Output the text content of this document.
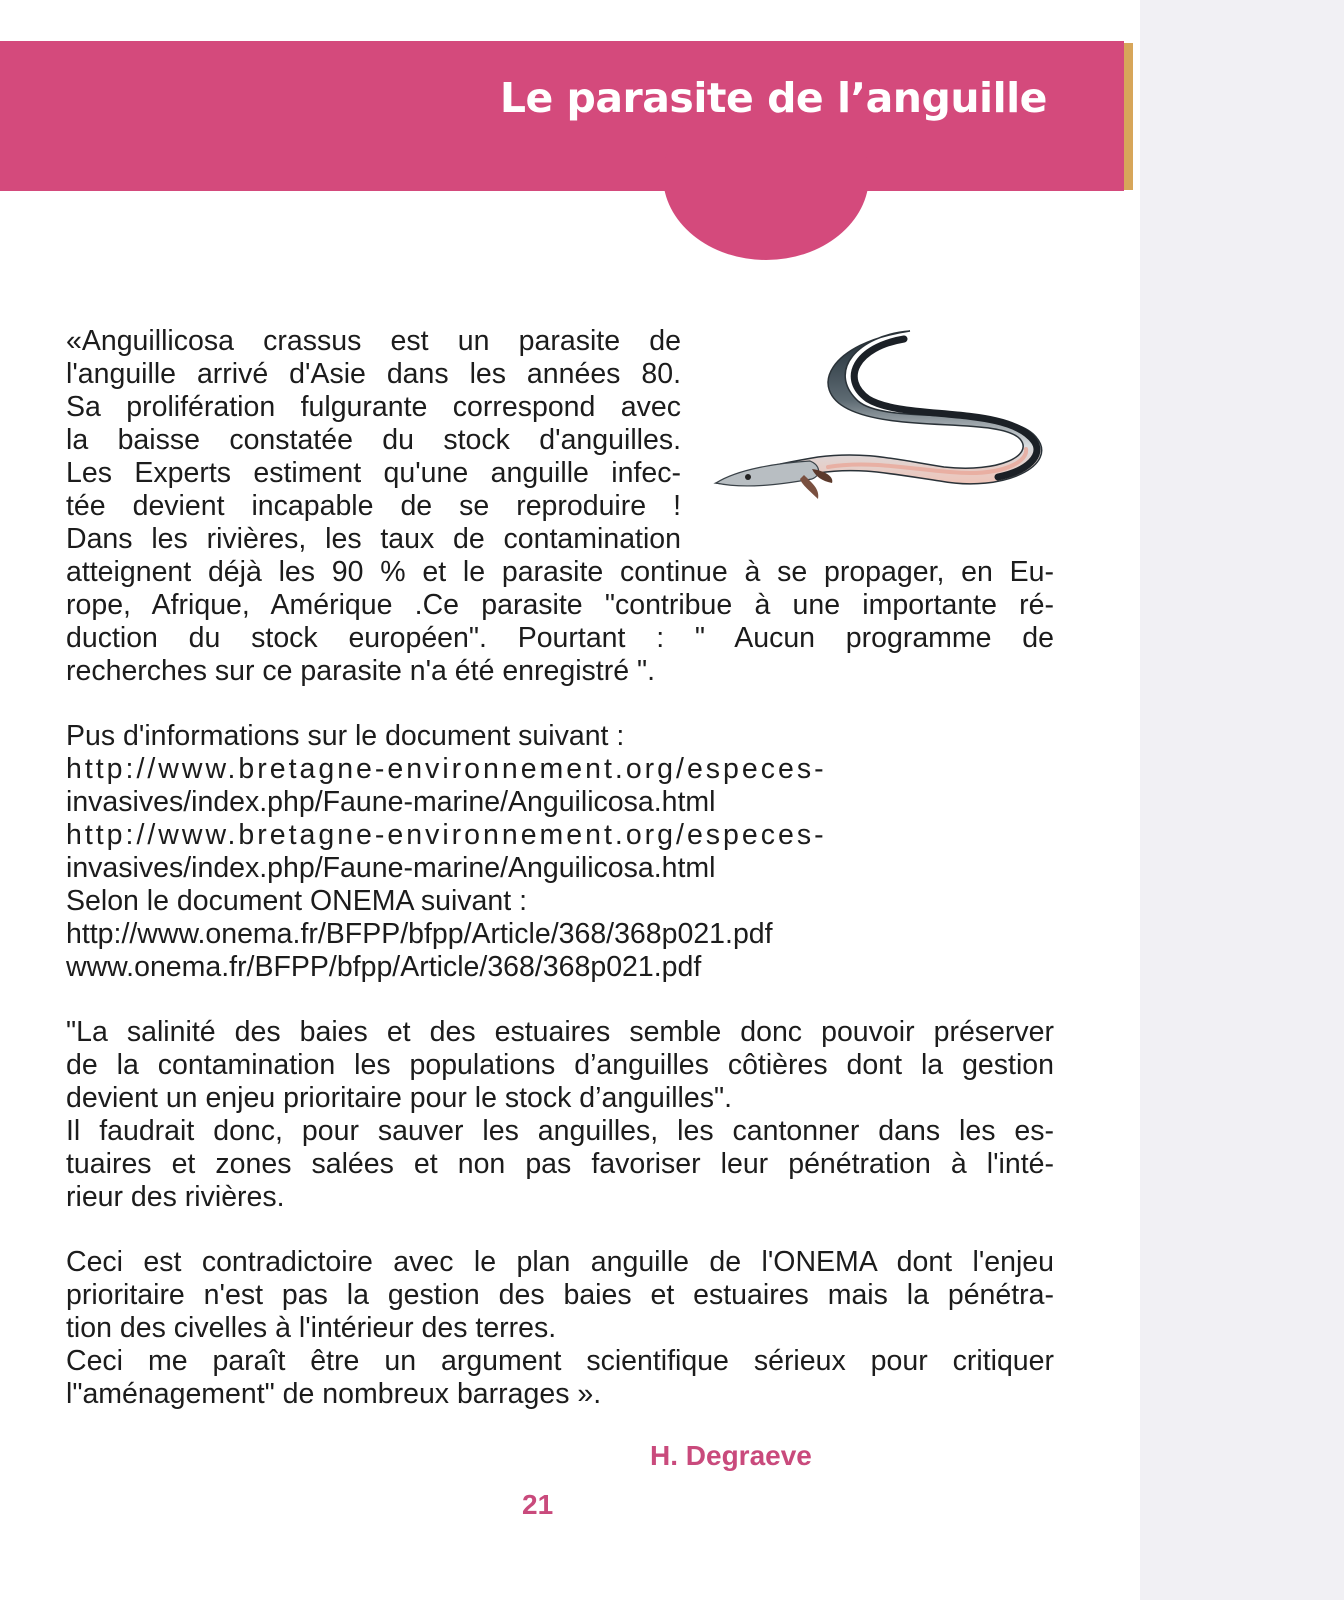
Le parasite de l’anguille
«Anguillicosa crassus est un parasite de
l'anguille arrivé d'Asie dans les années 80.
Sa prolifération fulgurante correspond avec
la baisse constatée du stock d'anguilles.
Les Experts estiment qu'une anguille infec-
tée devient incapable de se reproduire !
Dans les rivières, les taux de contamination
atteignent déjà les 90 % et le parasite continue à se propager, en Eu-
rope, Afrique, Amérique .Ce parasite "contribue à une importante ré-
duction du stock européen". Pourtant : " Aucun programme de
recherches sur ce parasite n'a été enregistré ".
Pus d'informations sur le document suivant :
http://www.bretagne-environnement.org/especes-
invasives/index.php/Faune-marine/Anguilicosa.html
http://www.bretagne-environnement.org/especes-
invasives/index.php/Faune-marine/Anguilicosa.html
Selon le document ONEMA suivant :
http://www.onema.fr/BFPP/bfpp/Article/368/368p021.pdf
www.onema.fr/BFPP/bfpp/Article/368/368p021.pdf
"La salinité des baies et des estuaires semble donc pouvoir préserver
de la contamination les populations d’anguilles côtières dont la gestion
devient un enjeu prioritaire pour le stock d’anguilles".
Il faudrait donc, pour sauver les anguilles, les cantonner dans les es-
tuaires et zones salées et non pas favoriser leur pénétration à l'inté-
rieur des rivières.
Ceci est contradictoire avec le plan anguille de l'ONEMA dont l'enjeu
prioritaire n'est pas la gestion des baies et estuaires mais la pénétra-
tion des civelles à l'intérieur des terres.
Ceci me paraît être un argument scientifique sérieux pour critiquer
l"aménagement" de nombreux barrages ».
H. Degraeve
21
